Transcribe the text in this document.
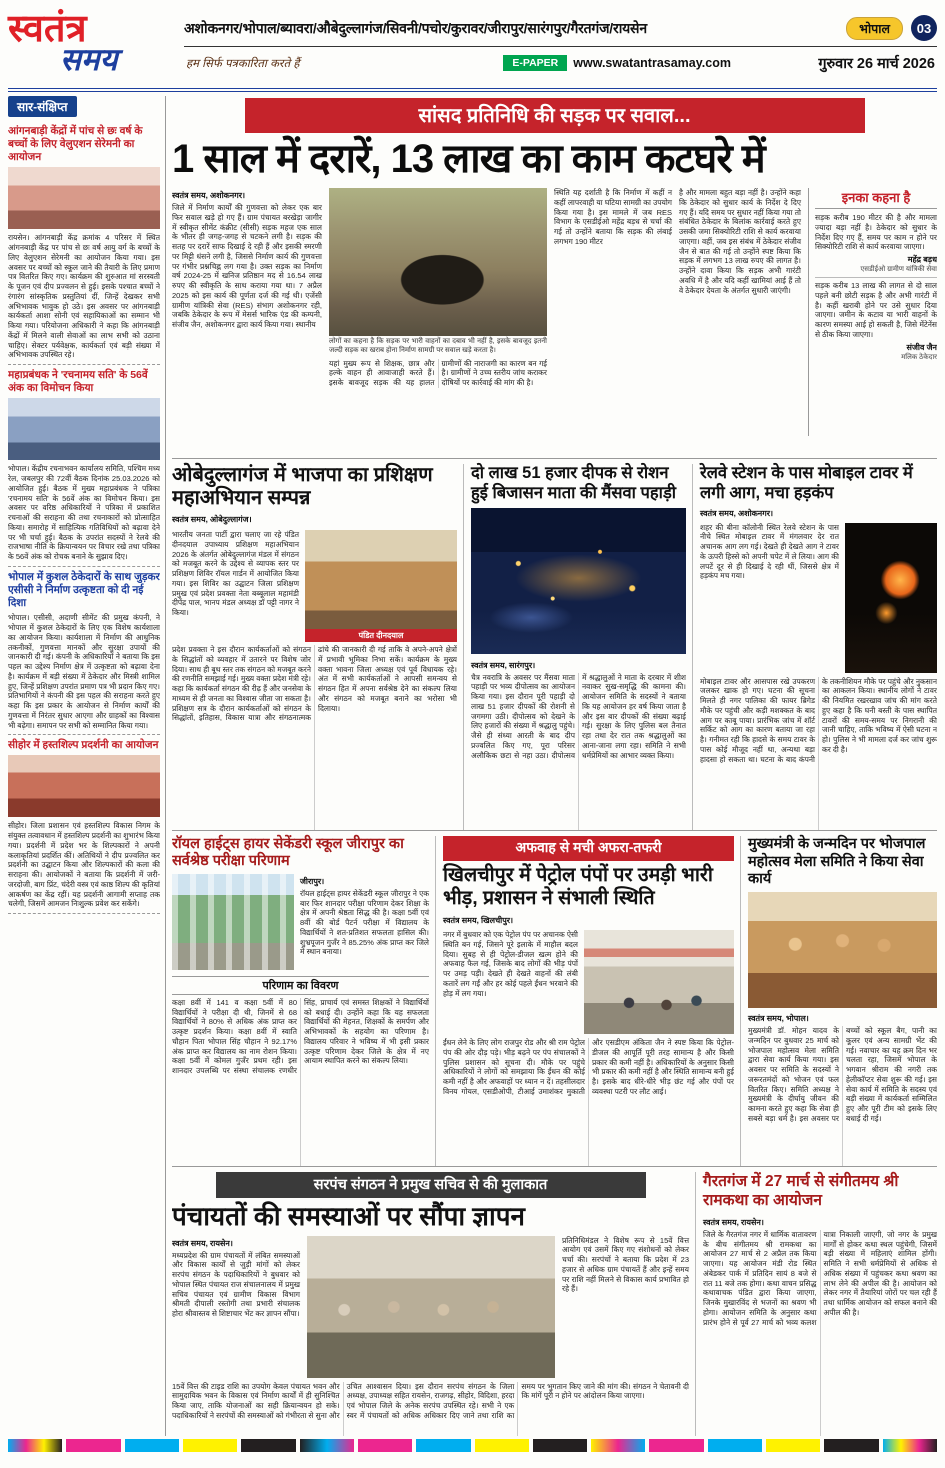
स्वतंत्र
समय
अशोकनगर/भोपाल/ब्यावरा/औबेदुल्लागंज/सिवनी/पचोर/कुरावर/जीरापुर/सारंगपुर/गैरतगंज/रायसेन	भोपाल	03
हम सिर्फ पत्रकारिता करते हैं	E-PAPER	www.swatantrasamay.com	गुरुवार 26 मार्च 2026
सार-संक्षिप्त
आंगनबाड़ी केंद्रों में पांच से छः वर्ष के बच्चों के लिए वेलुएशन सेरेमनी का आयोजन
रायसेन। आंगनबाड़ी केंद्र क्रमांक 4 परिसर में स्थित आंगनबाड़ी केंद्र पर पांच से छः वर्ष आयु वर्ग के बच्चों के लिए वेलुएशन सेरेमनी का आयोजन किया गया। इस अवसर पर बच्चों को स्कूल जाने की तैयारी के लिए प्रमाण पत्र वितरित किए गए। कार्यक्रम की शुरुआत मां सरस्वती के पूजन एवं दीप प्रज्वलन से हुई। इसके पश्चात बच्चों ने रंगारंग सांस्कृतिक प्रस्तुतियां दीं, जिन्हें देखकर सभी अभिभावक भावुक हो उठे। इस अवसर पर आंगनबाड़ी कार्यकर्ता आशा सोनी एवं सहायिकाओं का सम्मान भी किया गया। परियोजना अधिकारी ने कहा कि आंगनबाड़ी केंद्रों में मिलने वाली सेवाओं का लाभ सभी को उठाना चाहिए। सेक्टर पर्यवेक्षक, कार्यकर्ता एवं बड़ी संख्या में अभिभावक उपस्थित रहे।
महाप्रबंधक ने 'रचनामय सति' के 56वें अंक का विमोचन किया
भोपाल। केंद्रीय रचनाभवन कार्यालय समिति, पश्चिम मध्य रेल, जबलपुर की 72वीं बैठक दिनांक 25.03.2026 को आयोजित हुई। बैठक में मुख्य महाप्रबंधक ने पत्रिका 'रचनामय सति' के 56वें अंक का विमोचन किया। इस अवसर पर वरिष्ठ अधिकारियों ने पत्रिका में प्रकाशित रचनाओं की सराहना की तथा रचनाकारों को प्रोत्साहित किया। समारोह में साहित्यिक गतिविधियों को बढ़ावा देने पर भी चर्चा हुई। बैठक के उपरांत सदस्यों ने रेलवे की राजभाषा नीति के क्रियान्वयन पर विचार रखे तथा पत्रिका के 56वें अंक को रोचक बनाने के सुझाव दिए।
भोपाल में कुशल ठेकेदारों के साथ जुड़कर एसीसी ने निर्माण उत्कृष्टता को दी नई दिशा
भोपाल। एसीसी, अदाणी सीमेंट की प्रमुख कंपनी, ने भोपाल में कुशल ठेकेदारों के लिए एक विशेष कार्यशाला का आयोजन किया। कार्यशाला में निर्माण की आधुनिक तकनीकों, गुणवत्ता मानकों और सुरक्षा उपायों की जानकारी दी गई। कंपनी के अधिकारियों ने बताया कि इस पहल का उद्देश्य निर्माण क्षेत्र में उत्कृष्टता को बढ़ावा देना है। कार्यक्रम में बड़ी संख्या में ठेकेदार और मिस्त्री शामिल हुए, जिन्हें प्रशिक्षण उपरांत प्रमाण पत्र भी प्रदान किए गए। प्रतिभागियों ने कंपनी की इस पहल की सराहना करते हुए कहा कि इस प्रकार के आयोजन से निर्माण कार्यों की गुणवत्ता में निरंतर सुधार आएगा और ग्राहकों का विश्वास भी बढ़ेगा। समापन पर सभी को सम्मानित किया गया।
सीहोर में हस्तशिल्प प्रदर्शनी का आयोजन
सीहोर। जिला प्रशासन एवं हस्तशिल्प विकास निगम के संयुक्त तत्वावधान में हस्तशिल्प प्रदर्शनी का शुभारंभ किया गया। प्रदर्शनी में प्रदेश भर के शिल्पकारों ने अपनी कलाकृतियां प्रदर्शित कीं। अतिथियों ने दीप प्रज्वलित कर प्रदर्शनी का उद्घाटन किया और शिल्पकारों की कला की सराहना की। आयोजकों ने बताया कि प्रदर्शनी में जरी-जरदोजी, बाग प्रिंट, चंदेरी वस्त्र एवं काष्ठ शिल्प की कृतियां आकर्षण का केंद्र रहीं। यह प्रदर्शनी आगामी सप्ताह तक चलेगी, जिसमें आमजन निःशुल्क प्रवेश कर सकेंगे।
सांसद प्रतिनिधि की सड़क पर सवाल...
1 साल में दरारें, 13 लाख का काम कटघरे में
स्वतंत्र समय, अशोकनगर।
जिले में निर्माण कार्यों की गुणवत्ता को लेकर एक बार फिर सवाल खड़े हो गए हैं। ग्राम पंचायत बरखेड़ा जागीर में स्वीकृत सीमेंट कंक्रीट (सीसी) सड़क महज एक साल के भीतर ही जगह-जगह से चटकने लगी है। सड़क की सतह पर दरारें साफ दिखाई दे रही हैं और इसकी स्मरणी पर मिट्टी धंसने लगी है, जिससे निर्माण कार्य की गुणवत्ता पर गंभीर प्रश्नचिह्न लग गया है। उक्त सड़क का निर्माण वर्ष 2024-25 में खनिज प्रतिष्ठान मद से 16.54 लाख रुपए की स्वीकृति के साथ कराया गया था। 7 अप्रैल 2025 को इस कार्य की पूर्णता दर्ज की गई थी। एजेंसी ग्रामीण यांत्रिकी सेवा (RES) संभाग अशोकनगर रही, जबकि ठेकेदार के रूप में मेसर्स भारिक एंड की कम्पनी, संजीव जैन, अशोकनगर द्वारा कार्य किया गया। स्थानीय
लोगों का कहना है कि सड़क पर भारी वाहनों का दबाव भी नहीं है, इसके बावजूद इतनी जल्दी सड़क का खराब होना निर्माण सामग्री पर सवाल खड़े करता है।
यहां मुख्य रूप से शिक्षक, छात्र और हल्के वाहन ही आवाजाही करते हैं। इसके बावजूद सड़क की यह हालत ग्रामीणों की नाराजगी का कारण बन गई है। ग्रामीणों ने उच्च स्तरीय जांच कराकर दोषियों पर कार्रवाई की मांग की है।
स्थिति यह दर्शाती है कि निर्माण में कहीं न कहीं लापरवाही या घटिया सामग्री का उपयोग किया गया है। इस मामले में जब RES विभाग के एसडीईओ महेंद्र बड़ध से चर्चा की गई तो उन्होंने बताया कि सड़क की लंबाई लगभग 190 मीटर
है और मामला बहुत बड़ा नहीं है। उन्होंने कहा कि ठेकेदार को सुधार कार्य के निर्देश दे दिए गए हैं। यदि समय पर सुधार नहीं किया गया तो संबंधित ठेकेदार के बिलांक कार्रवाई करते हुए उसकी जमा सिक्योरिटी राशि से कार्य करवाया जाएगा। वहीं, जब इस संबंध में ठेकेदार संजीव जैन से बात की गई तो उन्होंने स्पष्ट किया कि सड़क में लगभग 13 लाख रुपए की लागत है। उन्होंने दावा किया कि सड़क अभी गारंटी अवधि में है और यदि कहीं खामियां आई हैं तो वे ठेकेदार देयता के अंतर्गत सुधारी जाएंगी।
इनका कहना है
सड़क करीब 190 मीटर की है और मामला ज्यादा बड़ा नहीं है। ठेकेदार को सुधार के निर्देश दिए गए हैं, समय पर काम न होने पर सिक्योरिटी राशि से कार्य करवाया जाएगा।
महेंद्र बड़ध
एसडीईओ ग्रामीण यांत्रिकी सेवा
सड़क करीब 13 लाख की लागत से दो साल पहले बनी छोटी सड़क है और अभी गारंटी में है। कहीं खराबी होने पर उसे सुधार दिया जाएगा। जमीन के कटाव या भारी वाहनों के कारण समस्या आई हो सकती है, जिसे मेंटेनेंस से ठीक किया जाएगा।
संजीव जैन
मलिक ठेकेदार
ओबेदुल्लागंज में भाजपा का प्रशिक्षण महाअभियान सम्पन्न
स्वतंत्र समय, ओबेदुल्लागंज।
भारतीय जनता पार्टी द्वारा चलाए जा रहे पंडित दीनदयाल उपाध्याय प्रशिक्षण महाअभियान 2026 के अंतर्गत ओबेदुल्लागंज मंडल में संगठन को मजबूत करने के उद्देश्य से व्यापक स्तर पर प्रशिक्षण शिविर रॉयल गार्डन में आयोजित किया गया। इस शिविर का उद्घाटन जिला प्रशिक्षण प्रमुख एवं प्रदेश प्रवक्ता नेता बब्बूलाल महामंडी दीपेंद्र पाल, भानप मंडल अध्यक्ष डॉ पट्टी नागर ने किया।
पंडित दीनदयाल
प्रदेश प्रवक्ता ने इस दौरान कार्यकर्ताओं को संगठन के सिद्धांतों को व्यवहार में उतारने पर विशेष जोर दिया। साथ ही बूथ स्तर तक संगठन को मजबूत करने की रणनीति समझाई गई। मुख्य वक्ता प्रदेश मंत्री रहे। कहा कि कार्यकर्ता संगठन की रीढ़ हैं और जनसेवा के माध्यम से ही जनता का विश्वास जीता जा सकता है। प्रशिक्षण सत्र के दौरान कार्यकर्ताओं को संगठन के सिद्धांतों, इतिहास, विकास यात्रा और संगठनात्मक ढांचे की जानकारी दी गई ताकि वे अपने-अपने क्षेत्रों में प्रभावी भूमिका निभा सकें। कार्यक्रम के मुख्य वक्ता भावना जिला अध्यक्ष एवं पूर्व विधायक रहे। अंत में सभी कार्यकर्ताओं ने आपसी समन्वय से संगठन हित में अपना सर्वश्रेष्ठ देने का संकल्प लिया और संगठन को मजबूत बनाने का भरोसा भी दिलाया।
दो लाख 51 हजार दीपक से रोशन हुई बिजासन माता की मैंसवा पहाड़ी
स्वतंत्र समय, सारंगपुर।
चैत्र नवरात्रि के अवसर पर मैंसवा माता पहाड़ी पर भव्य दीपोत्सव का आयोजन किया गया। इस दौरान पूरी पहाड़ी दो लाख 51 हजार दीपकों की रोशनी से जगमगा उठी। दीपोत्सव को देखने के लिए हजारों की संख्या में श्रद्धालु पहुंचे। जैसे ही संध्या आरती के बाद दीप प्रज्वलित किए गए, पूरा परिसर अलौकिक छटा से नहा उठा। दीपोत्सव में श्रद्धालुओं ने माता के दरबार में शीश नवाकर सुख-समृद्धि की कामना की। आयोजन समिति के सदस्यों ने बताया कि यह आयोजन हर वर्ष किया जाता है और इस बार दीपकों की संख्या बढ़ाई गई। सुरक्षा के लिए पुलिस बल तैनात रहा तथा देर रात तक श्रद्धालुओं का आना-जाना लगा रहा। समिति ने सभी धर्मप्रेमियों का आभार व्यक्त किया।
रेलवे स्टेशन के पास मोबाइल टावर में लगी आग, मचा हड़कंप
स्वतंत्र समय, अशोकनगर।
शहर की बीना कॉलोनी स्थित रेलवे स्टेशन के पास नीचे स्थित मोबाइल टावर में मंगलवार देर रात अचानक आग लग गई। देखते ही देखते आग ने टावर के ऊपरी हिस्से को अपनी चपेट में ले लिया। आग की लपटें दूर से ही दिखाई दे रही थीं, जिससे क्षेत्र में हड़कंप मच गया।
मोबाइल टावर और आसपास रखे उपकरण जलकर खाक हो गए। घटना की सूचना मिलते ही नगर पालिका की फायर ब्रिगेड मौके पर पहुंची और कड़ी मशक्कत के बाद आग पर काबू पाया। प्रारंभिक जांच में शॉर्ट सर्किट को आग का कारण बताया जा रहा है। गनीमत रही कि हादसे के समय टावर के पास कोई मौजूद नहीं था, अन्यथा बड़ा हादसा हो सकता था। घटना के बाद कंपनी के तकनीशियन मौके पर पहुंचे और नुकसान का आकलन किया। स्थानीय लोगों ने टावर की नियमित रखरखाव जांच की मांग करते हुए कहा है कि घनी बस्ती के पास स्थापित टावरों की समय-समय पर निगरानी की जानी चाहिए, ताकि भविष्य में ऐसी घटना न हो। पुलिस ने भी मामला दर्ज कर जांच शुरू कर दी है।
रॉयल हाईट्स हायर सेकेंडरी स्कूल जीरापुर का सर्वश्रेष्ठ परीक्षा परिणाम
जीरापुर।
रॉयल हाईट्स हायर सेकेंडरी स्कूल जीरापुर ने एक बार फिर शानदार परीक्षा परिणाम देकर शिक्षा के क्षेत्र में अपनी श्रेष्ठता सिद्ध की है। कक्षा 5वीं एवं 8वीं की बोर्ड पैटर्न परीक्षा में विद्यालय के विद्यार्थियों ने शत-प्रतिशत सफलता हासिल की। शुभ्रपूजन गुजँर ने 85.25% अंक प्राप्त कर जिले में स्थान बनाया।
परिणाम का विवरण
कक्षा 8वीं में 141 व कक्षा 5वीं में 80 विद्यार्थियों ने परीक्षा दी थी, जिनमें से 68 विद्यार्थियों ने 80% से अधिक अंक प्राप्त कर उत्कृष्ट प्रदर्शन किया। कक्षा 8वीं में स्वाति चौहान पिता भोपाल सिंह चौहान ने 92.17% अंक प्राप्त कर विद्यालय का नाम रोशन किया। कक्षा 5वीं में कोमल गुजँर प्रथम रही। इस शानदार उपलब्धि पर संस्था संचालक रणधीर सिंह, प्राचार्य एवं समस्त शिक्षकों ने विद्यार्थियों को बधाई दी। उन्होंने कहा कि यह सफलता विद्यार्थियों की मेहनत, शिक्षकों के समर्पण और अभिभावकों के सहयोग का परिणाम है। विद्यालय परिवार ने भविष्य में भी इसी प्रकार उत्कृष्ट परिणाम देकर जिले के क्षेत्र में नए आयाम स्थापित करने का संकल्प लिया।
अफवाह से मची अफरा-तफरी
खिलचीपुर में पेट्रोल पंपों पर उमड़ी भारी भीड़, प्रशासन ने संभाली स्थिति
स्वतंत्र समय, खिलचीपुर।
नगर में बुधवार को एक पेट्रोल पंप पर अचानक ऐसी स्थिति बन गई, जिसने पूरे इलाके में माहौल बदल दिया। सुबह से ही पेट्रोल-डीजल खत्म होने की अफवाह फैल गई, जिसके बाद लोगों की भीड़ पंपों पर उमड़ पड़ी। देखते ही देखते वाहनों की लंबी कतारें लग गईं और हर कोई पहले ईंधन भरवाने की होड़ में लग गया।
ईंधन लेने के लिए लोग राजपुर रोड और श्री राम पेट्रोल पंप की ओर दौड़ पड़े। भीड़ बढ़ने पर पंप संचालकों ने पुलिस प्रशासन को सूचना दी। मौके पर पहुंचे अधिकारियों ने लोगों को समझाया कि ईंधन की कोई कमी नहीं है और अफवाहों पर ध्यान न दें। तहसीलदार विनय गोयल, एसडीओपी, टीआई उमाशंकर मुकाती और एसडीएम अंकिता जैन ने स्पष्ट किया कि पेट्रोल-डीजल की आपूर्ति पूरी तरह सामान्य है और किसी प्रकार की कमी नहीं है। अधिकारियों के अनुसार किसी भी प्रकार की कमी नहीं है और स्थिति सामान्य बनी हुई है। इसके बाद धीरे-धीरे भीड़ छंट गई और पंपों पर व्यवस्था पटरी पर लौट आई।
मुख्यमंत्री के जन्मदिन पर भोजपाल महोत्सव मेला समिति ने किया सेवा कार्य
स्वतंत्र समय, भोपाल।
मुख्यमंत्री डॉ. मोहन यादव के जन्मदिन पर बुधवार 25 मार्च को भोजपाल महोत्सव मेला समिति द्वारा सेवा कार्य किया गया। इस अवसर पर समिति के सदस्यों ने जरूरतमंदों को भोजन एवं फल वितरित किए। समिति अध्यक्ष ने मुख्यमंत्री के दीर्घायु जीवन की कामना करते हुए कहा कि सेवा ही सबसे बड़ा धर्म है। इस अवसर पर बच्चों को स्कूल बैग, पानी का कूलर एवं अन्य सामग्री भेंट की गई। नवाचार का यह क्रम दिन भर चलता रहा, जिसमें भोपाल के भगवान श्रीराम की नगरी तक हेलीकॉप्टर सेवा शुरू की गई। इस सेवा कार्य में समिति के सदस्य एवं बड़ी संख्या में कार्यकर्ता सम्मिलित हुए और पूरी टीम को इसके लिए बधाई दी गई।
सरपंच संगठन ने प्रमुख सचिव से की मुलाकात
पंचायतों की समस्याओं पर सौंपा ज्ञापन
स्वतंत्र समय, रायसेन।
मध्यप्रदेश की ग्राम पंचायतों में लंबित समस्याओं और विकास कार्यों से जुड़ी मांगों को लेकर सरपंच संगठन के पदाधिकारियों ने बुधवार को भोपाल स्थित पंचायत राज संचालनालय में प्रमुख सचिव पंचायत एवं ग्रामीण विकास विभाग श्रीमती दीपाली रस्तोगी तथा प्रभारी संचालक होरा श्रीवास्तव से शिष्टाचार भेंट कर ज्ञापन सौंपा।
प्रतिनिधिमंडल ने विशेष रूप से 15वें वित्त आयोग एवं उसमें किए गए संशोधनों को लेकर चर्चा की। सरपंचों ने बताया कि प्रदेश में 23 हजार से अधिक ग्राम पंचायतें हैं और इन्हें समय पर राशि नहीं मिलने से विकास कार्य प्रभावित हो रहे हैं।
15वें वित्त की टाइड राशि का उपयोग केवल पंचायत भवन और सामुदायिक भवन के विकास एवं निर्माण कार्यों में ही सुनिश्चित किया जाए, ताकि योजनाओं का सही क्रियान्वयन हो सके। पदाधिकारियों ने सरपंचों की समस्याओं को गंभीरता से सुना और उचित आश्वासन दिया। इस दौरान सरपंच संगठन के जिला अध्यक्ष, उपाध्यक्ष सहित रायसेन, राजगढ़, सीहोर, विदिशा, हरदा एवं भोपाल जिले के अनेक सरपंच उपस्थित रहे। सभी ने एक स्वर में पंचायतों को अधिक अधिकार दिए जाने तथा राशि का समय पर भुगतान किए जाने की मांग की। संगठन ने चेतावनी दी कि मांगें पूरी न होने पर आंदोलन किया जाएगा।
गैरतगंज में 27 मार्च से संगीतमय श्री रामकथा का आयोजन
स्वतंत्र समय, रायसेन।
जिले के गैरतगंज नगर में धार्मिक वातावरण के बीच संगीतमय श्री रामकथा का आयोजन 27 मार्च से 2 अप्रैल तक किया जाएगा। यह आयोजन मंडी रोड स्थित अंबेडकर पार्क में प्रतिदिन सायं 8 बजे से रात 11 बजे तक होगा। कथा वाचन प्रसिद्ध कथावाचक पंडित द्वारा किया जाएगा, जिनके मुखारविंद से भजनों का श्रवण भी होगा। आयोजन समिति के अनुसार कथा प्रारंभ होने से पूर्व 27 मार्च को भव्य कलश यात्रा निकाली जाएगी, जो नगर के प्रमुख मार्गों से होकर कथा स्थल पहुंचेगी, जिसमें बड़ी संख्या में महिलाएं शामिल होंगी। समिति ने सभी धर्मप्रेमियों से अधिक से अधिक संख्या में पहुंचकर कथा श्रवण का लाभ लेने की अपील की है। आयोजन को लेकर नगर में तैयारियां जोरों पर चल रही हैं तथा धार्मिक आयोजन को सफल बनाने की अपील की है।
